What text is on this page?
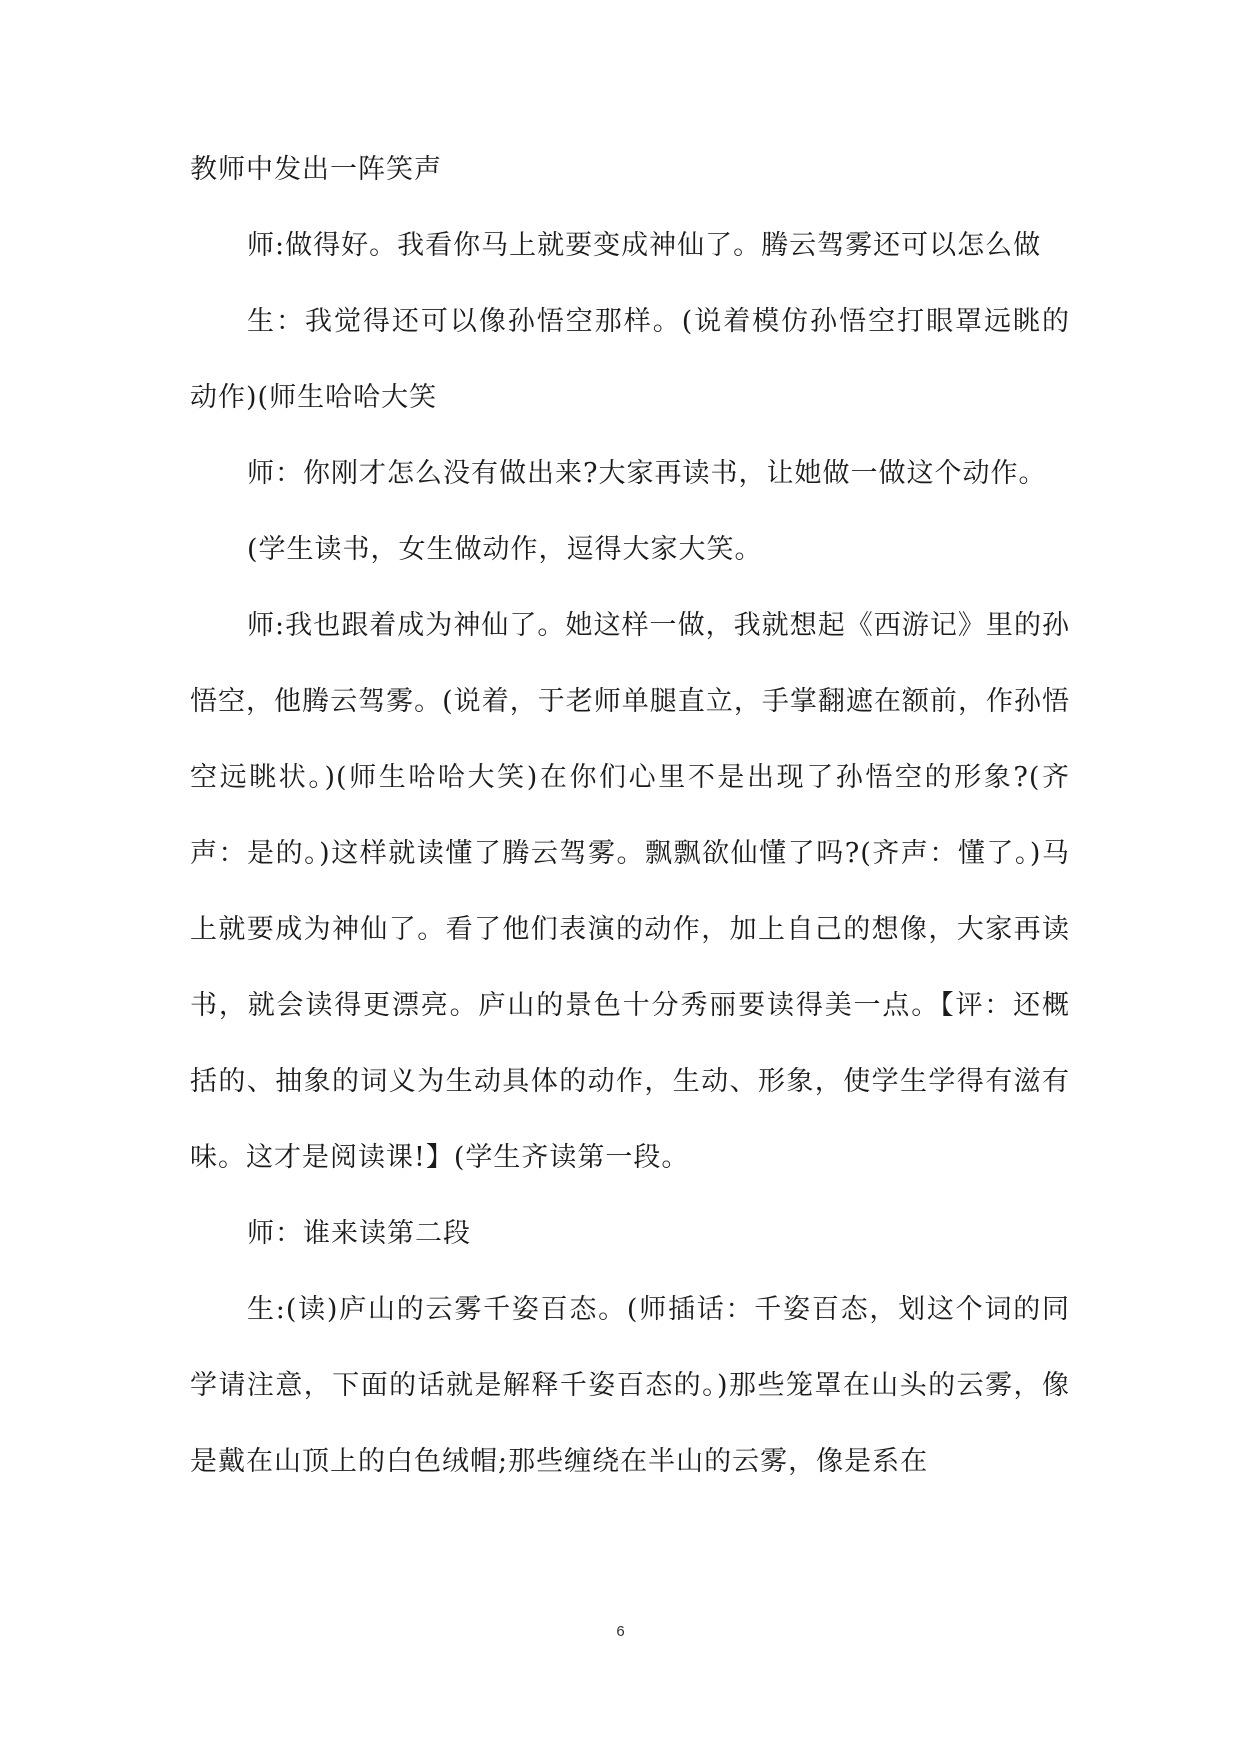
教师中发出一阵笑声

师:做得好。我看你马上就要变成神仙了。腾云驾雾还可以怎么做

生：我觉得还可以像孙悟空那样。(说着模仿孙悟空打眼罩远眺的动作)(师生哈哈大笑

师：你刚才怎么没有做出来?大家再读书，让她做一做这个动作。

(学生读书，女生做动作，逗得大家大笑。

师:我也跟着成为神仙了。她这样一做，我就想起《西游记》里的孙悟空，他腾云驾雾。(说着，于老师单腿直立，手掌翻遮在额前，作孙悟空远眺状。)(师生哈哈大笑)在你们心里不是出现了孙悟空的形象?(齐声：是的。)这样就读懂了腾云驾雾。飘飘欲仙懂了吗?(齐声：懂了。)马上就要成为神仙了。看了他们表演的动作，加上自己的想像，大家再读书，就会读得更漂亮。庐山的景色十分秀丽要读得美一点。【评：还概括的、抽象的词义为生动具体的动作，生动、形象，使学生学得有滋有味。这才是阅读课!】(学生齐读第一段。

师：谁来读第二段

生:(读)庐山的云雾千姿百态。(师插话：千姿百态，划这个词的同学请注意，下面的话就是解释千姿百态的。)那些笼罩在山头的云雾，像是戴在山顶上的白色绒帽;那些缠绕在半山的云雾，像是系在

6
